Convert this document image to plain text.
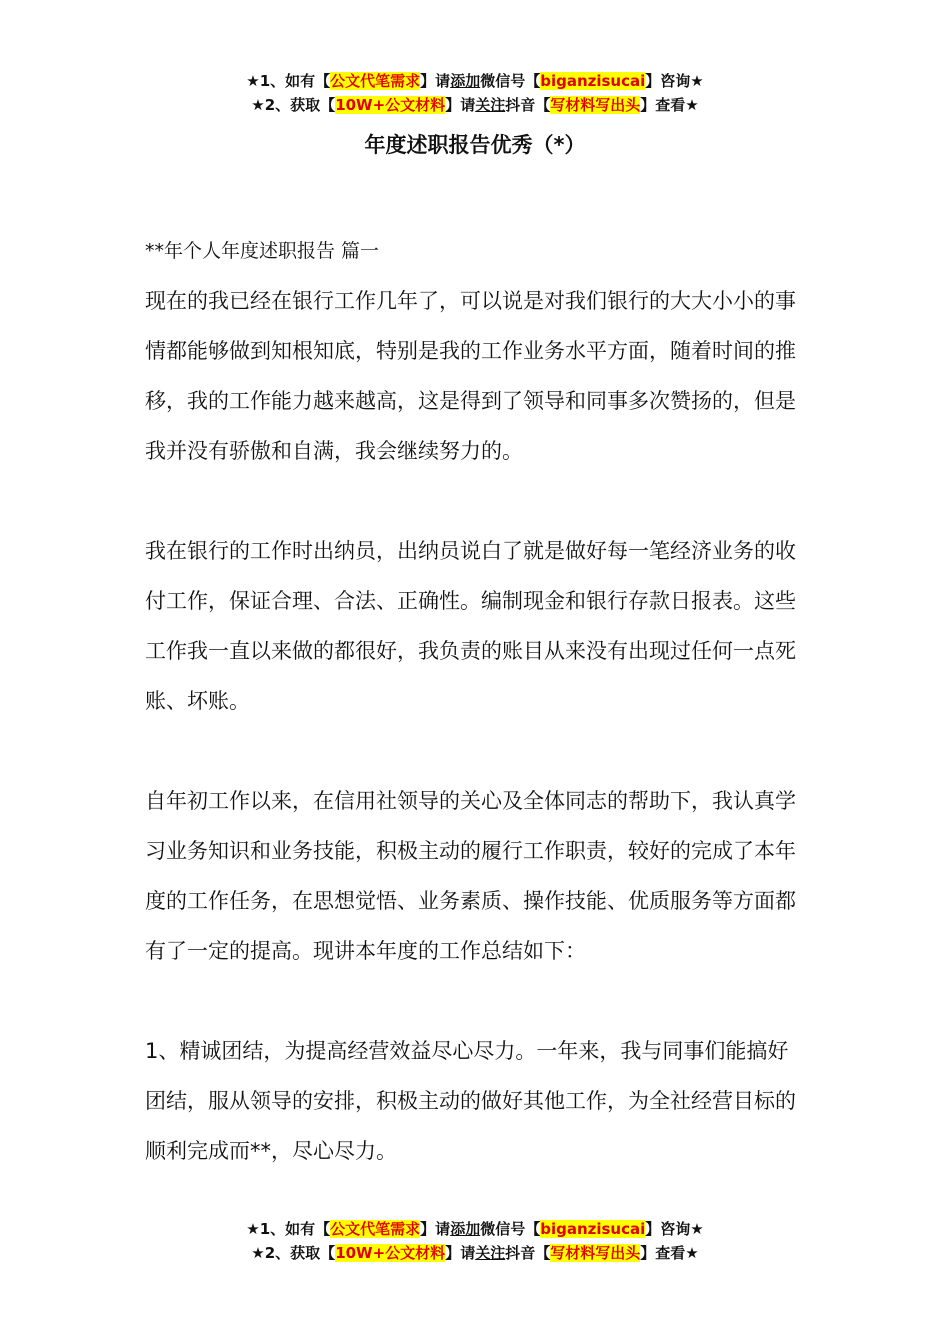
★1、如有【公文代笔需求】请添加微信号【biganzisucai】咨询★
★2、获取【10W+公文材料】请关注抖音【写材料写出头】查看★
年度述职报告优秀（*）

**年个人年度述职报告 篇一

现在的我已经在银行工作几年了，可以说是对我们银行的大大小小的事情都能够做到知根知底，特别是我的工作业务水平方面，随着时间的推移，我的工作能力越来越高，这是得到了领导和同事多次赞扬的，但是我并没有骄傲和自满，我会继续努力的。

我在银行的工作时出纳员，出纳员说白了就是做好每一笔经济业务的收付工作，保证合理、合法、正确性。编制现金和银行存款日报表。这些工作我一直以来做的都很好，我负责的账目从来没有出现过任何一点死账、坏账。

自年初工作以来，在信用社领导的关心及全体同志的帮助下，我认真学习业务知识和业务技能，积极主动的履行工作职责，较好的完成了本年度的工作任务，在思想觉悟、业务素质、操作技能、优质服务等方面都有了一定的提高。现讲本年度的工作总结如下：

1、精诚团结，为提高经营效益尽心尽力。一年来，我与同事们能搞好团结，服从领导的安排，积极主动的做好其他工作，为全社经营目标的顺利完成而**，尽心尽力。

★1、如有【公文代笔需求】请添加微信号【biganzisucai】咨询★
★2、获取【10W+公文材料】请关注抖音【写材料写出头】查看★
